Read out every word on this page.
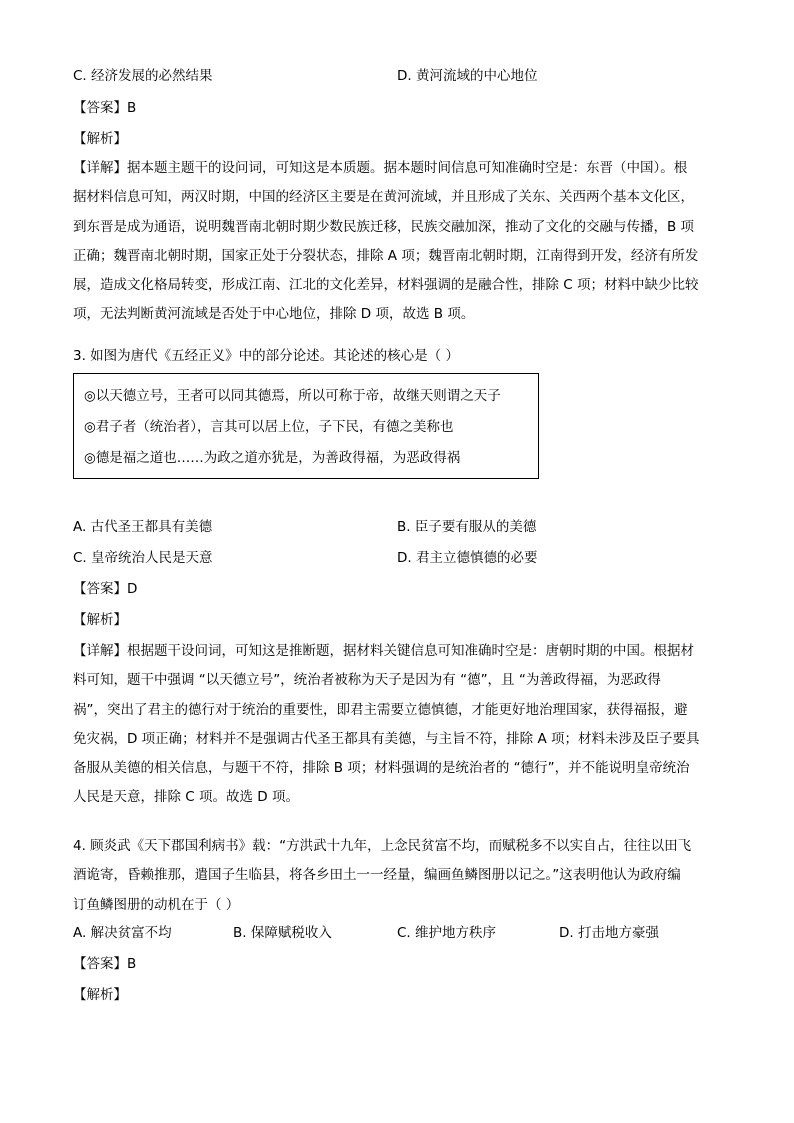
C. 经济发展的必然结果	D. 黄河流域的中心地位
【答案】B
【解析】
【详解】据本题主题干的设问词，可知这是本质题。据本题时间信息可知准确时空是：东晋（中国）。根
据材料信息可知，两汉时期，中国的经济区主要是在黄河流域，并且形成了关东、关西两个基本文化区，
到东晋是成为通语，说明魏晋南北朝时期少数民族迁移，民族交融加深，推动了文化的交融与传播，B 项
正确；魏晋南北朝时期，国家正处于分裂状态，排除 A 项；魏晋南北朝时期，江南得到开发，经济有所发
展，造成文化格局转变，形成江南、江北的文化差异，材料强调的是融合性，排除 C 项；材料中缺少比较
项，无法判断黄河流域是否处于中心地位，排除 D 项，故选 B 项。
3. 如图为唐代《五经正义》中的部分论述。其论述的核心是（ ）
◎以天德立号，王者可以同其德焉，所以可称于帝，故继天则谓之天子
◎君子者（统治者），言其可以居上位，子下民，有德之美称也
◎德是福之道也……为政之道亦犹是，为善政得福，为恶政得祸
A. 古代圣王都具有美德	B. 臣子要有服从的美德
C. 皇帝统治人民是天意	D. 君主立德慎德的必要
【答案】D
【解析】
【详解】根据题干设问词，可知这是推断题，据材料关键信息可知准确时空是：唐朝时期的中国。根据材
料可知，题干中强调 “以天德立号”，统治者被称为天子是因为有 “德”，且 “为善政得福，为恶政得
祸”，突出了君主的德行对于统治的重要性，即君主需要立德慎德，才能更好地治理国家，获得福报，避
免灾祸，D 项正确；材料并不是强调古代圣王都具有美德，与主旨不符，排除 A 项；材料未涉及臣子要具
备服从美德的相关信息，与题干不符，排除 B 项；材料强调的是统治者的 “德行”，并不能说明皇帝统治
人民是天意，排除 C 项。故选 D 项。
4. 顾炎武《天下郡国利病书》载：“方洪武十九年，上念民贫富不均，而赋税多不以实自占，往往以田飞
酒诡寄，昏赖推那，遣国子生临县，将各乡田土一一经量，编画鱼鳞图册以记之。”这表明他认为政府编
订鱼鳞图册的动机在于（ ）
A. 解决贫富不均	B. 保障赋税收入	C. 维护地方秩序	D. 打击地方豪强
【答案】B
【解析】
